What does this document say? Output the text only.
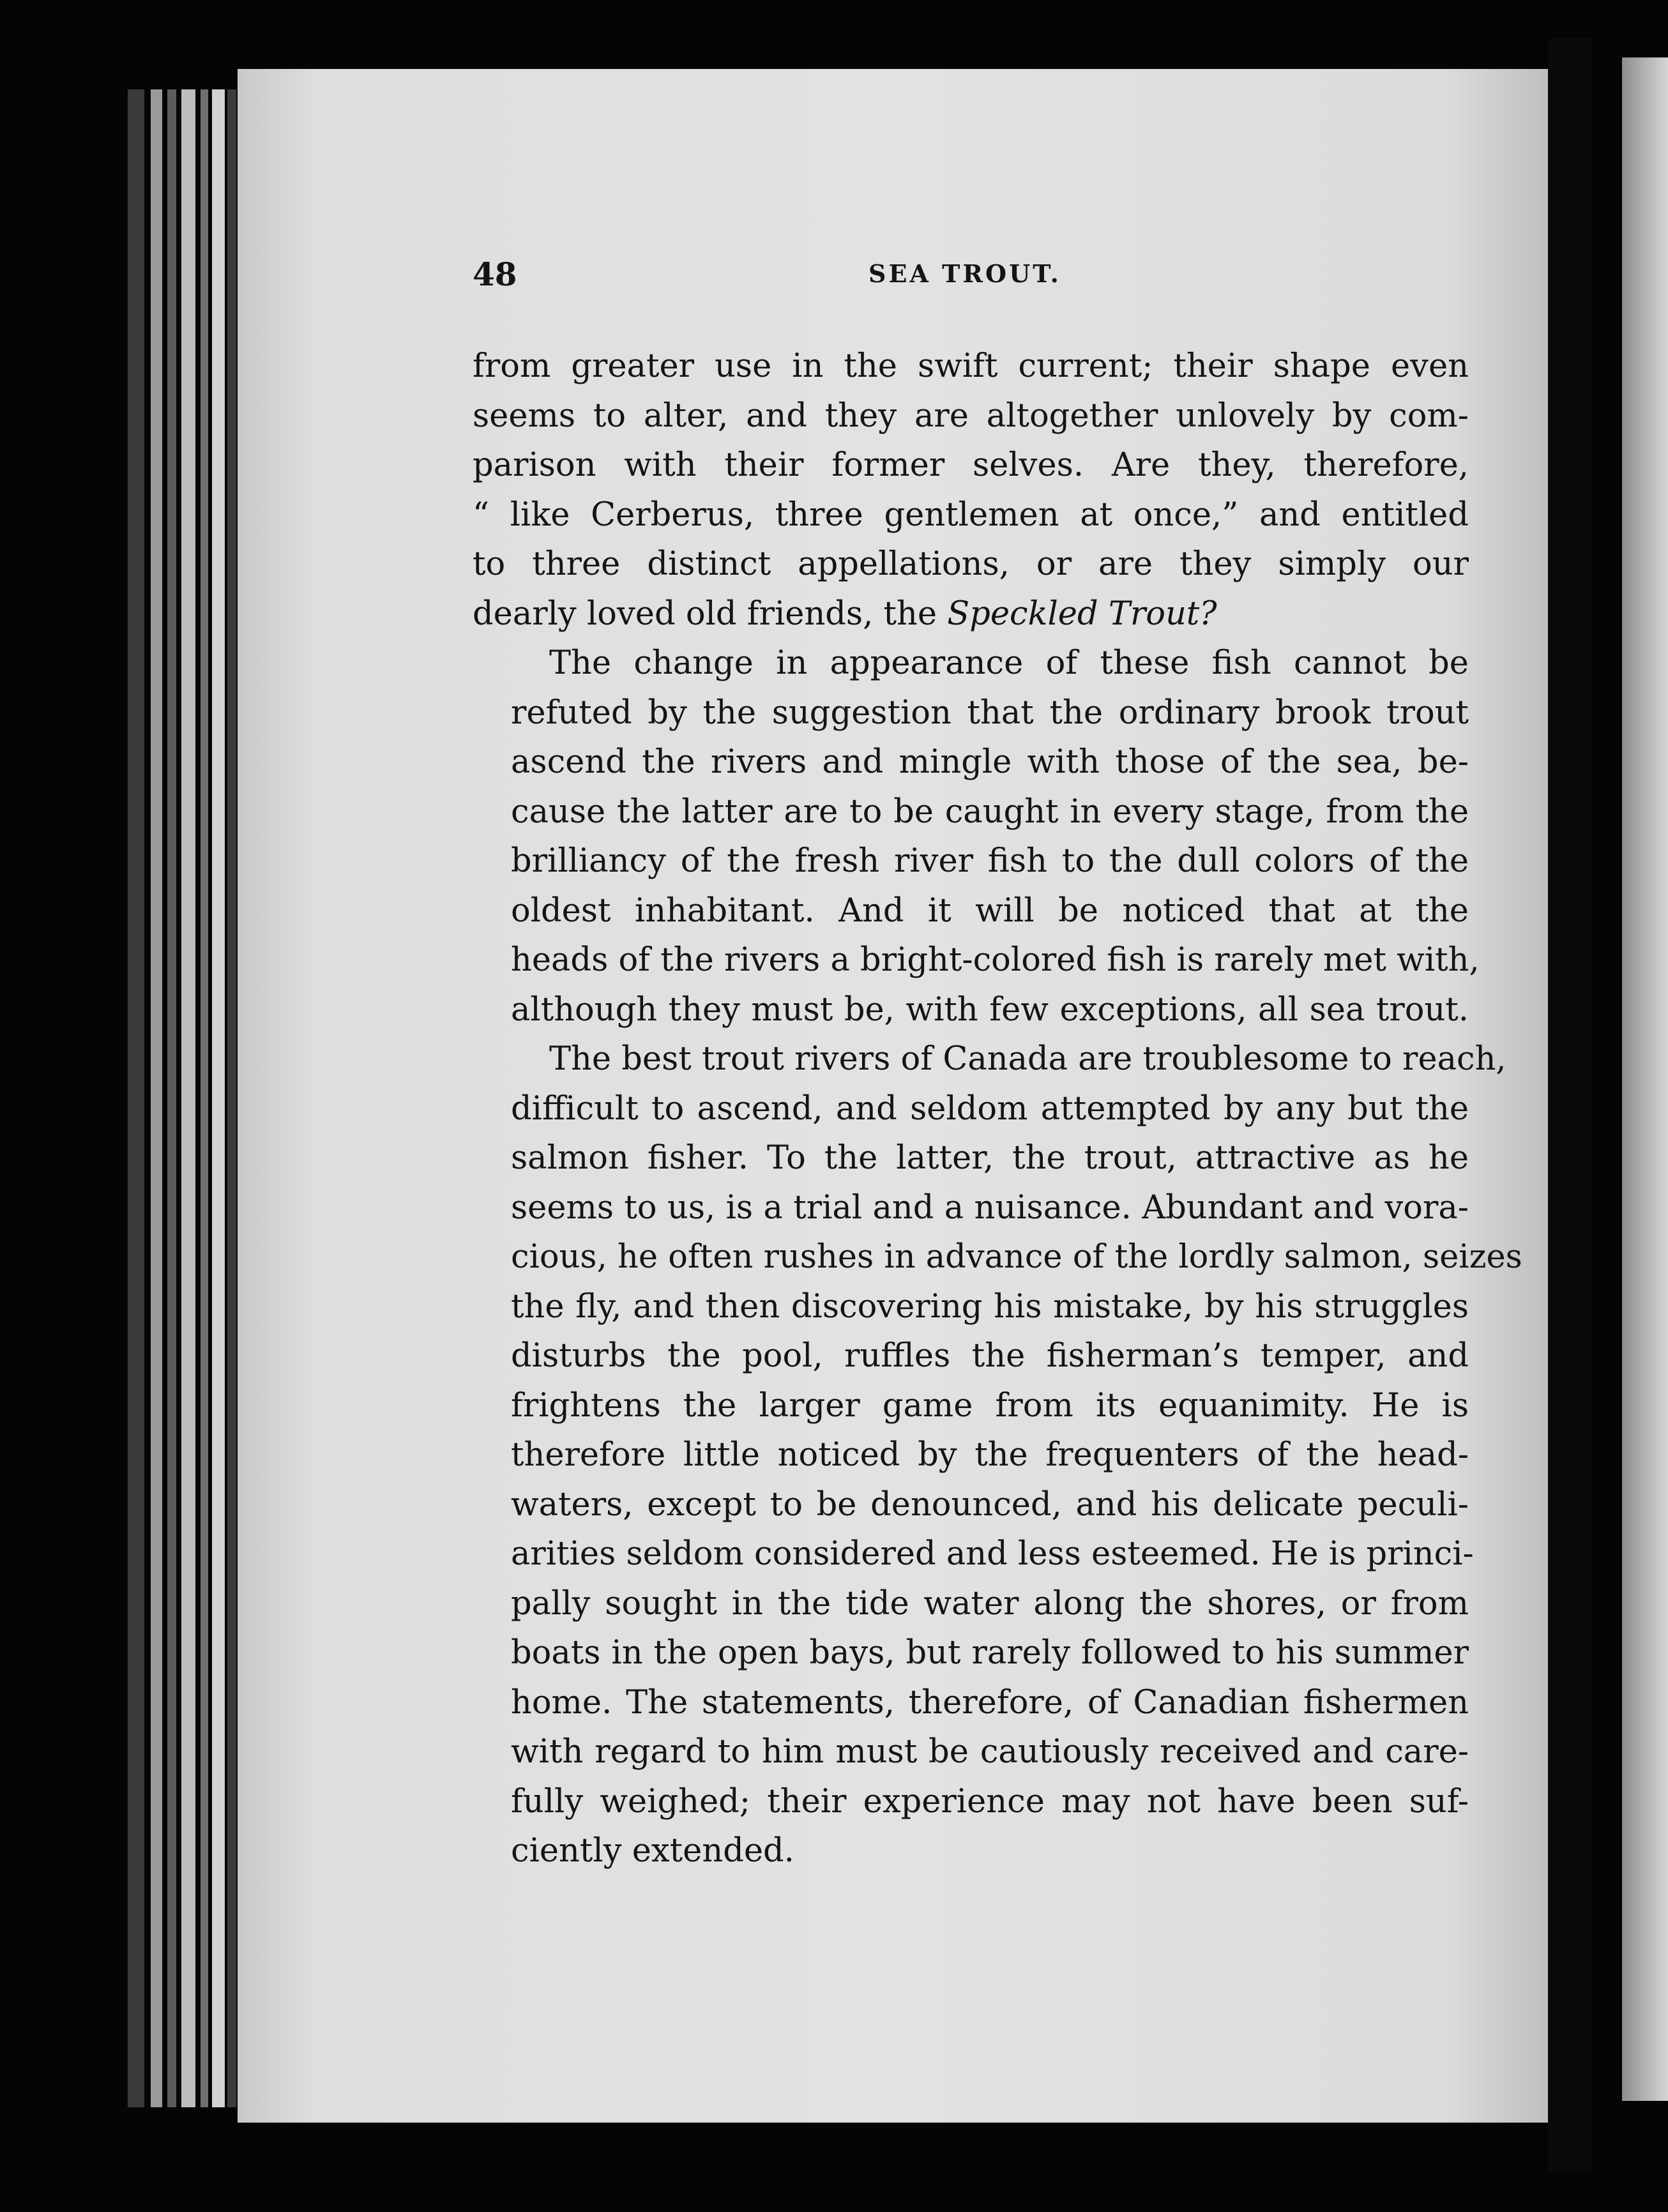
48	SEA TROUT.

from greater use in the swift current; their shape even
seems to alter, and they are altogether unlovely by com-
parison with their former selves. Are they, therefore,
“ like Cerberus, three gentlemen at once,” and entitled
to three distinct appellations, or are they simply our
dearly loved old friends, the Speckled Trout?

The change in appearance of these fish cannot be
refuted by the suggestion that the ordinary brook trout
ascend the rivers and mingle with those of the sea, be-
cause the latter are to be caught in every stage, from the
brilliancy of the fresh river fish to the dull colors of the
oldest inhabitant. And it will be noticed that at the
heads of the rivers a bright-colored fish is rarely met with,
although they must be, with few exceptions, all sea trout.

The best trout rivers of Canada are troublesome to reach,
difficult to ascend, and seldom attempted by any but the
salmon fisher. To the latter, the trout, attractive as he
seems to us, is a trial and a nuisance. Abundant and vora-
cious, he often rushes in advance of the lordly salmon, seizes
the fly, and then discovering his mistake, by his struggles
disturbs the pool, ruffles the fisherman’s temper, and
frightens the larger game from its equanimity. He is
therefore little noticed by the frequenters of the head-
waters, except to be denounced, and his delicate peculi-
arities seldom considered and less esteemed. He is princi-
pally sought in the tide water along the shores, or from
boats in the open bays, but rarely followed to his summer
home. The statements, therefore, of Canadian fishermen
with regard to him must be cautiously received and care-
fully weighed; their experience may not have been suf-
ciently extended.
